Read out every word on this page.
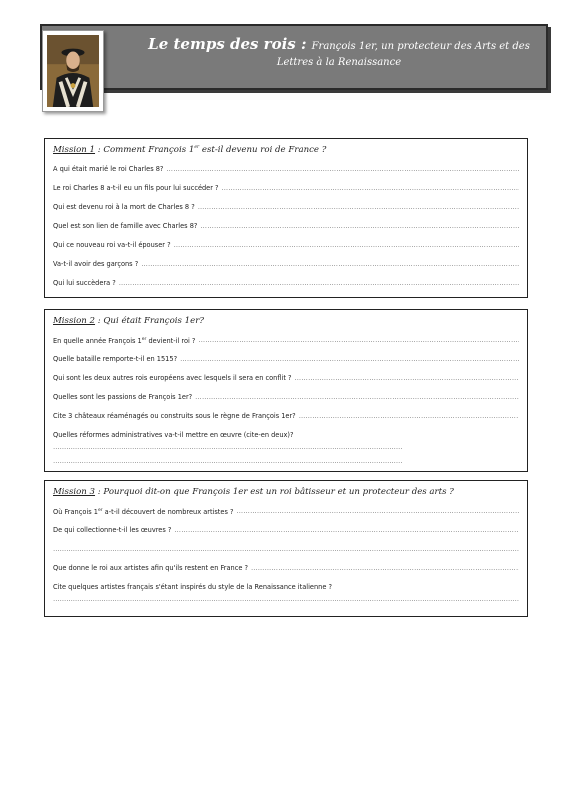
Le temps des rois : François 1er, un protecteur des Arts et des
Lettres à la Renaissance
Mission 1 : Comment François 1er est-il devenu roi de France ?
A qui était marié le roi Charles 8?
………………………………………………………………………………………………………………………………………………………………………………………………………………………………………………………………………………
Le roi Charles 8 a-t-il eu un fils pour lui succéder ?
………………………………………………………………………………………………………………………………………………………………………………………………………………………………………………………………………………
Qui est devenu roi à la mort de Charles 8 ?
………………………………………………………………………………………………………………………………………………………………………………………………………………………………………………………………………………
Quel est son lien de famille avec Charles 8?
………………………………………………………………………………………………………………………………………………………………………………………………………………………………………………………………………………
Qui ce nouveau roi va-t-il épouser ?
………………………………………………………………………………………………………………………………………………………………………………………………………………………………………………………………………………
Va-t-il avoir des garçons ?
………………………………………………………………………………………………………………………………………………………………………………………………………………………………………………………………………………
Qui lui succèdera ?
………………………………………………………………………………………………………………………………………………………………………………………………………………………………………………………………………………
Mission 2 : Qui était François 1er?
En quelle année François 1er devient-il roi ?
………………………………………………………………………………………………………………………………………………………………………………………………………………………………………………………………………………
Quelle bataille remporte-t-il en 1515?
………………………………………………………………………………………………………………………………………………………………………………………………………………………………………………………………………………
Qui sont les deux autres rois européens avec lesquels il sera en conflit ?
………………………………………………………………………………………………………………………………………………………………………………………………………………………………………………………………………………
Quelles sont les passions de François 1er?
………………………………………………………………………………………………………………………………………………………………………………………………………………………………………………………………………………
Cite 3 châteaux réaménagés ou construits sous le règne de François 1er?
………………………………………………………………………………………………………………………………………………………………………………………………………………………………………………………………………………
Quelles réformes administratives va-t-il mettre en œuvre (cite-en deux)?
………………………………………………………………………………………………………………………………………………………………………………………………………………………………………………………………………………
………………………………………………………………………………………………………………………………………………………………………………………………………………………………………………………………………………
Mission 3 : Pourquoi dit-on que François 1er est un roi bâtisseur et un protecteur des arts ?
Où François 1er a-t-il découvert de nombreux artistes ?
………………………………………………………………………………………………………………………………………………………………………………………………………………………………………………………………………………
De qui collectionne-t-il les œuvres ?
………………………………………………………………………………………………………………………………………………………………………………………………………………………………………………………………………………
………………………………………………………………………………………………………………………………………………………………………………………………………………………………………………………………………………
Que donne le roi aux artistes afin qu'ils restent en France ?
………………………………………………………………………………………………………………………………………………………………………………………………………………………………………………………………………………
Cite quelques artistes français s'étant inspirés du style de la Renaissance italienne ?
………………………………………………………………………………………………………………………………………………………………………………………………………………………………………………………………………………
